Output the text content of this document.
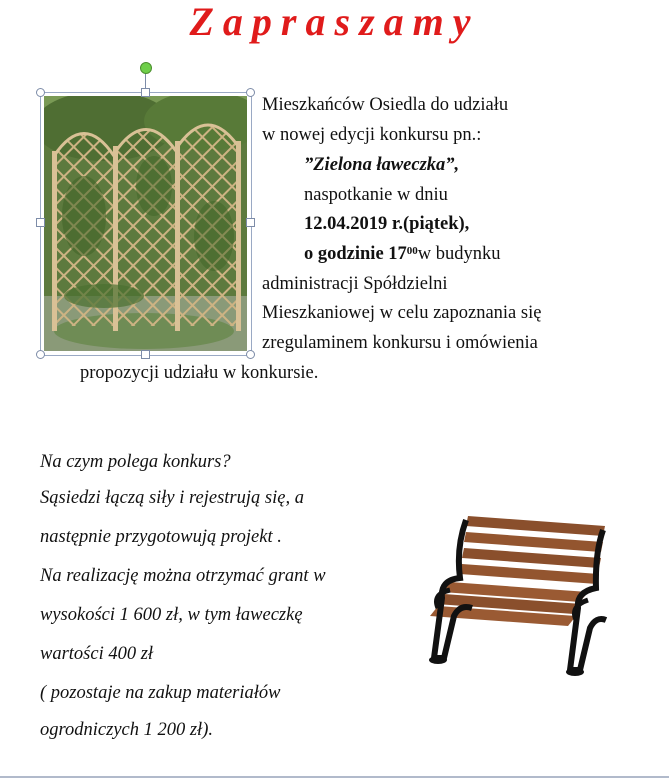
Zapraszamy
Mieszkańców Osiedla do udziału
w nowej edycji konkursu pn.:
”Zielona ławeczka”,
naspotkanie w dniu
12.04.2019 r.(piątek),
o godzinie $17^{00}w$ budynku
administracji Spółdzielni
Mieszkaniowej w celu zapoznania się
zregulaminem konkursu i omówienia
propozycji udziału w konkursie.
Na czym polega konkurs?
Sąsiedzi łączą siły i rejestrują się, a
następnie przygotowują projekt .
Na realizację można otrzymać grant w
wysokości 1 600 zł, w tym ławeczkę
wartości 400 zł
( pozostaje na zakup materiałów
ogrodniczych 1 200 zł).
